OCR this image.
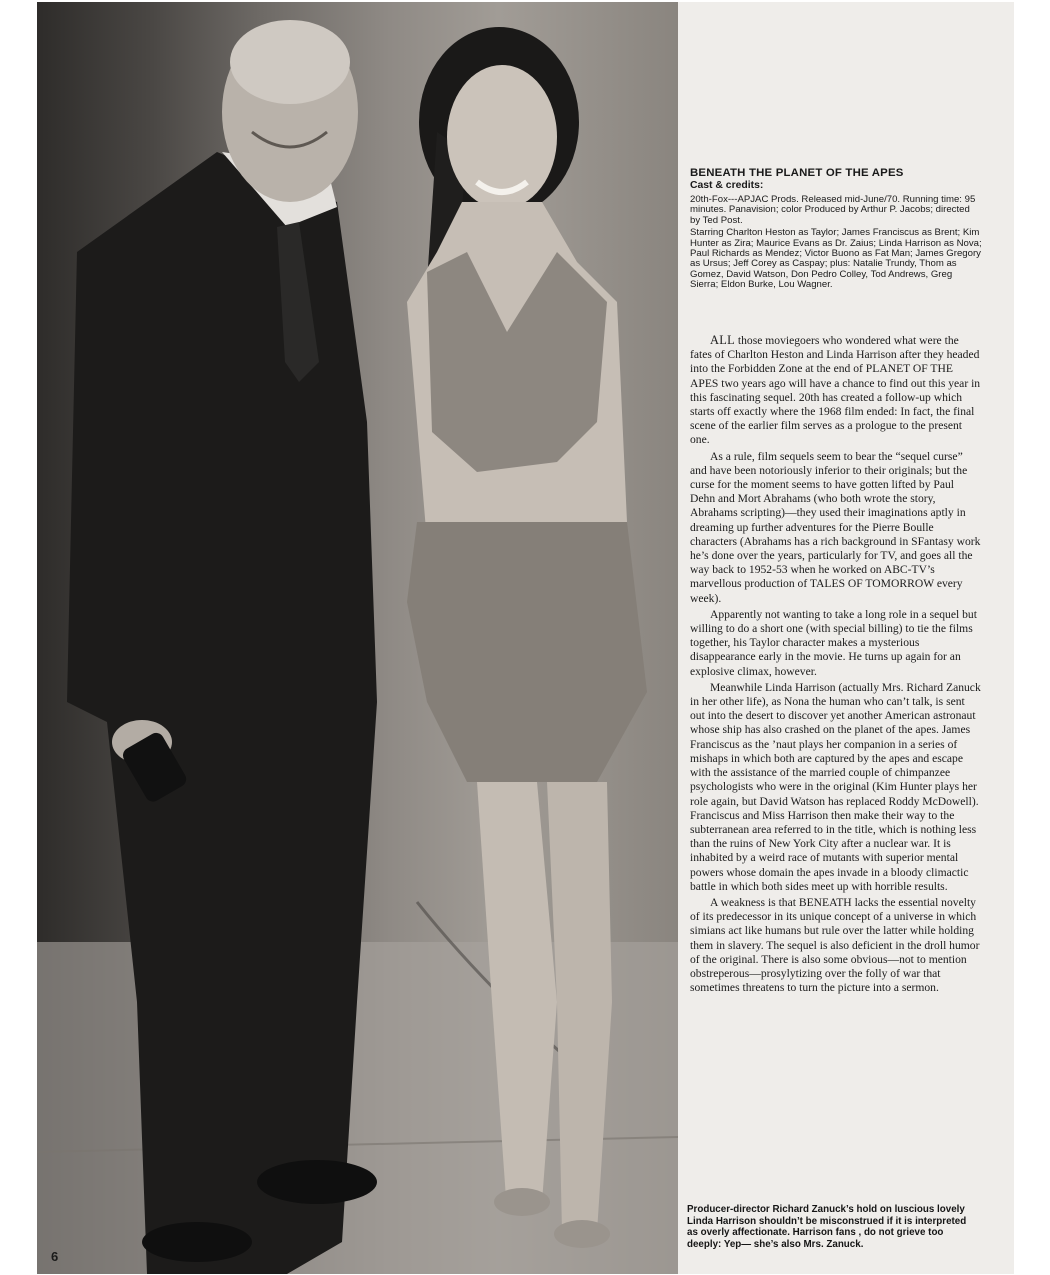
6

BENEATH THE PLANET OF THE APES
Cast & credits:

20th-Fox---APJAC Prods. Released mid-June/70. Running time: 95 minutes. Panavision; color Produced by Arthur P. Jacobs; directed by Ted Post.

Starring Charlton Heston as Taylor; James Franciscus as Brent; Kim Hunter as Zira; Maurice Evans as Dr. Zaius; Linda Harrison as Nova; Paul Richards as Mendez; Victor Buono as Fat Man; James Gregory as Ursus; Jeff Corey as Caspay; plus: Natalie Trundy, Thom as Gomez, David Watson, Don Pedro Colley, Tod Andrews, Greg Sierra; Eldon Burke, Lou Wagner.

ALL those moviegoers who wondered what were the fates of Charlton Heston and Linda Harrison after they headed into the Forbidden Zone at the end of PLANET OF THE APES two years ago will have a chance to find out this year in this fascinating sequel. 20th has created a follow-up which starts off exactly where the 1968 film ended: In fact, the final scene of the earlier film serves as a prologue to the present one.

As a rule, film sequels seem to bear the “sequel curse” and have been notoriously inferior to their originals; but the curse for the moment seems to have gotten lifted by Paul Dehn and Mort Abrahams (who both wrote the story, Abrahams scripting)—they used their imaginations aptly in dreaming up further adventures for the Pierre Boulle characters (Abrahams has a rich background in SFantasy work he’s done over the years, particularly for TV, and goes all the way back to 1952-53 when he worked on ABC-TV’s marvellous production of TALES OF TOMORROW every week).

Apparently not wanting to take a long role in a sequel but willing to do a short one (with special billing) to tie the films together, his Taylor character makes a mysterious disappearance early in the movie. He turns up again for an explosive climax, however.

Meanwhile Linda Harrison (actually Mrs. Richard Zanuck in her other life), as Nona the human who can’t talk, is sent out into the desert to discover yet another American astronaut whose ship has also crashed on the planet of the apes. James Franciscus as the ’naut plays her companion in a series of mishaps in which both are captured by the apes and escape with the assistance of the married couple of chimpanzee psychologists who were in the original (Kim Hunter plays her role again, but David Watson has replaced Roddy McDowell). Franciscus and Miss Harrison then make their way to the subterranean area referred to in the title, which is nothing less than the ruins of New York City after a nuclear war. It is inhabited by a weird race of mutants with superior mental powers whose domain the apes invade in a bloody climactic battle in which both sides meet up with horrible results.

A weakness is that BENEATH lacks the essential novelty of its predecessor in its unique concept of a universe in which simians act like humans but rule over the latter while holding them in slavery. The sequel is also deficient in the droll humor of the original. There is also some obvious—not to mention obstreperous—prosylytizing over the folly of war that sometimes threatens to turn the picture into a sermon.

Producer-director Richard Zanuck’s hold on luscious lovely Linda Harrison shouldn’t be misconstrued if it is interpreted as overly affectionate. Harrison fans , do not grieve too deeply: Yep— she’s also Mrs. Zanuck.
